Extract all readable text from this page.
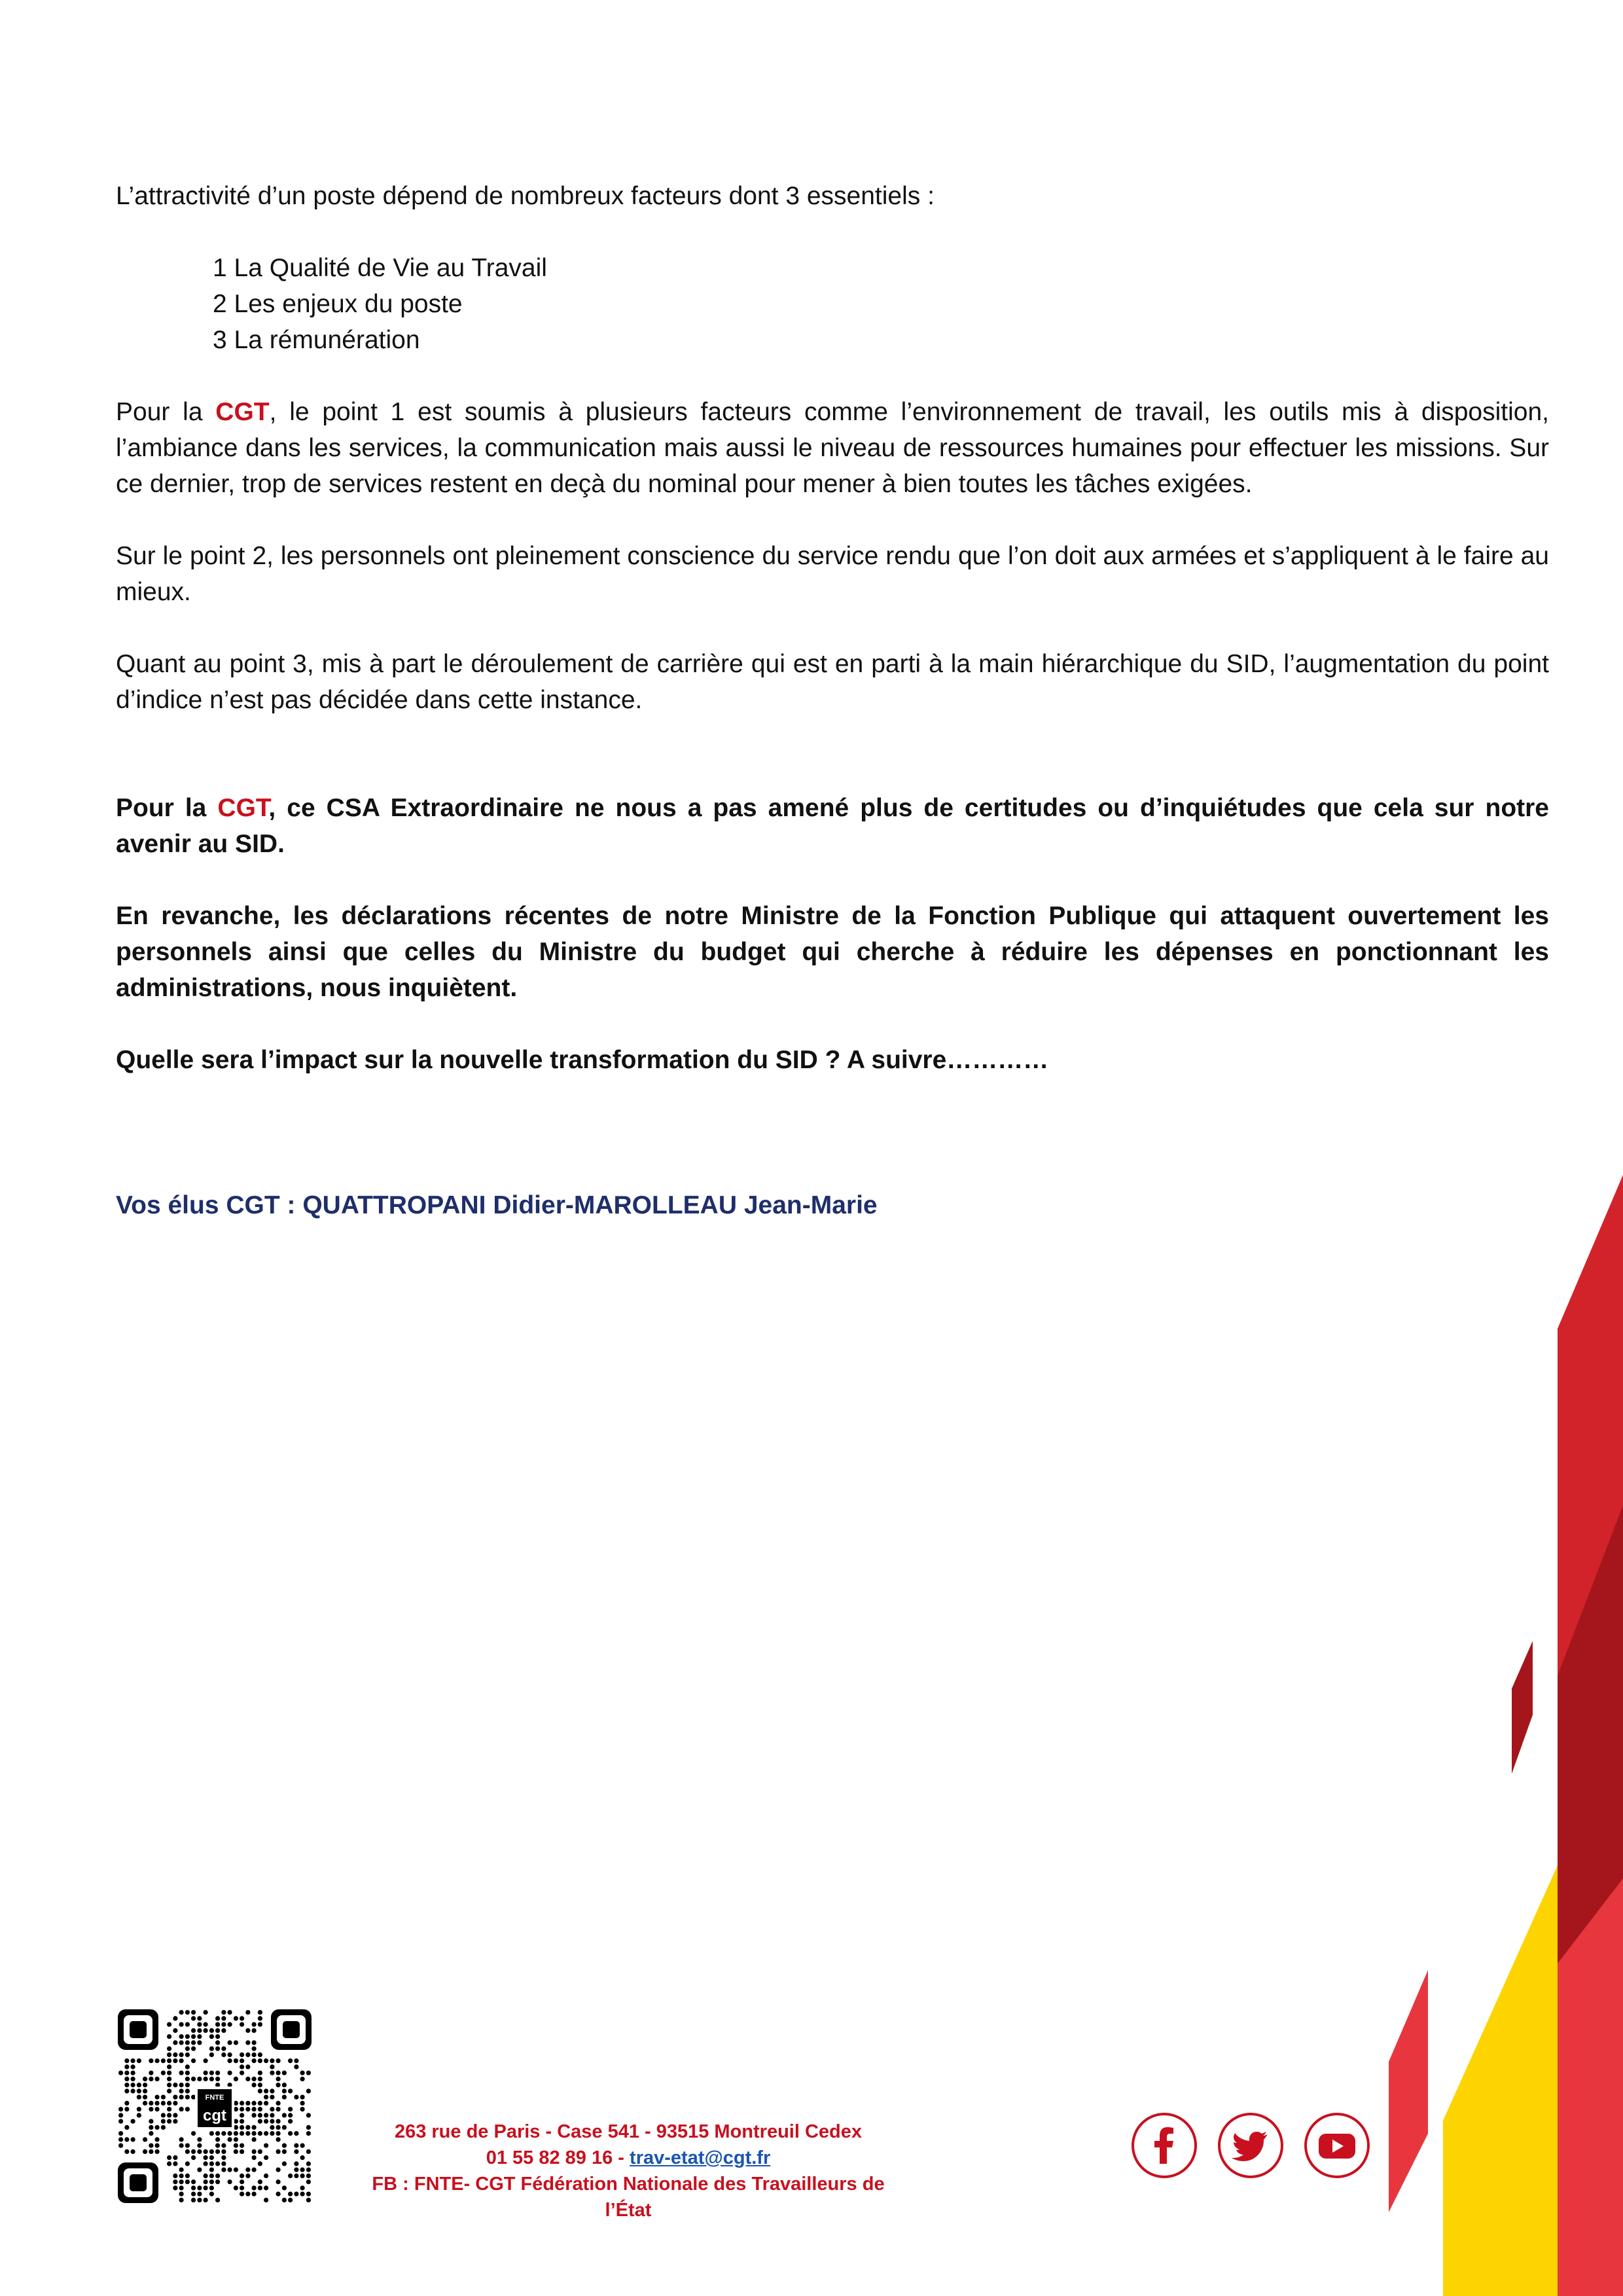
L’attractivité d’un poste dépend de nombreux facteurs dont 3 essentiels :

1 La Qualité de Vie au Travail
2 Les enjeux du poste
3 La rémunération

Pour la CGT, le point 1 est soumis à plusieurs facteurs comme l’environnement de travail, les outils mis à disposition, l’ambiance dans les services, la communication mais aussi le niveau de ressources humaines pour effectuer les missions. Sur ce dernier, trop de services restent en deçà du nominal pour mener à bien toutes les tâches exigées.

Sur le point 2, les personnels ont pleinement conscience du service rendu que l’on doit aux armées et s’appliquent à le faire au mieux.

Quant au point 3, mis à part le déroulement de carrière qui est en parti à la main hiérarchique du SID, l’augmentation du point d’indice n’est pas décidée dans cette instance.

Pour la CGT, ce CSA Extraordinaire ne nous a pas amené plus de certitudes ou d’inquiétudes que cela sur notre avenir au SID.

En revanche, les déclarations récentes de notre Ministre de la Fonction Publique qui attaquent ouvertement les personnels ainsi que celles du Ministre du budget qui cherche à réduire les dépenses en ponctionnant les administrations, nous inquiètent.

Quelle sera l’impact sur la nouvelle transformation du SID ? A suivre…………

Vos élus CGT : QUATTROPANI Didier-MAROLLEAU Jean-Marie
FNTE
cgt
263 rue de Paris - Case 541 - 93515 Montreuil Cedex
01 55 82 89 16 - trav-etat@cgt.fr
FB : FNTE- CGT Fédération Nationale des Travailleurs de l’État
